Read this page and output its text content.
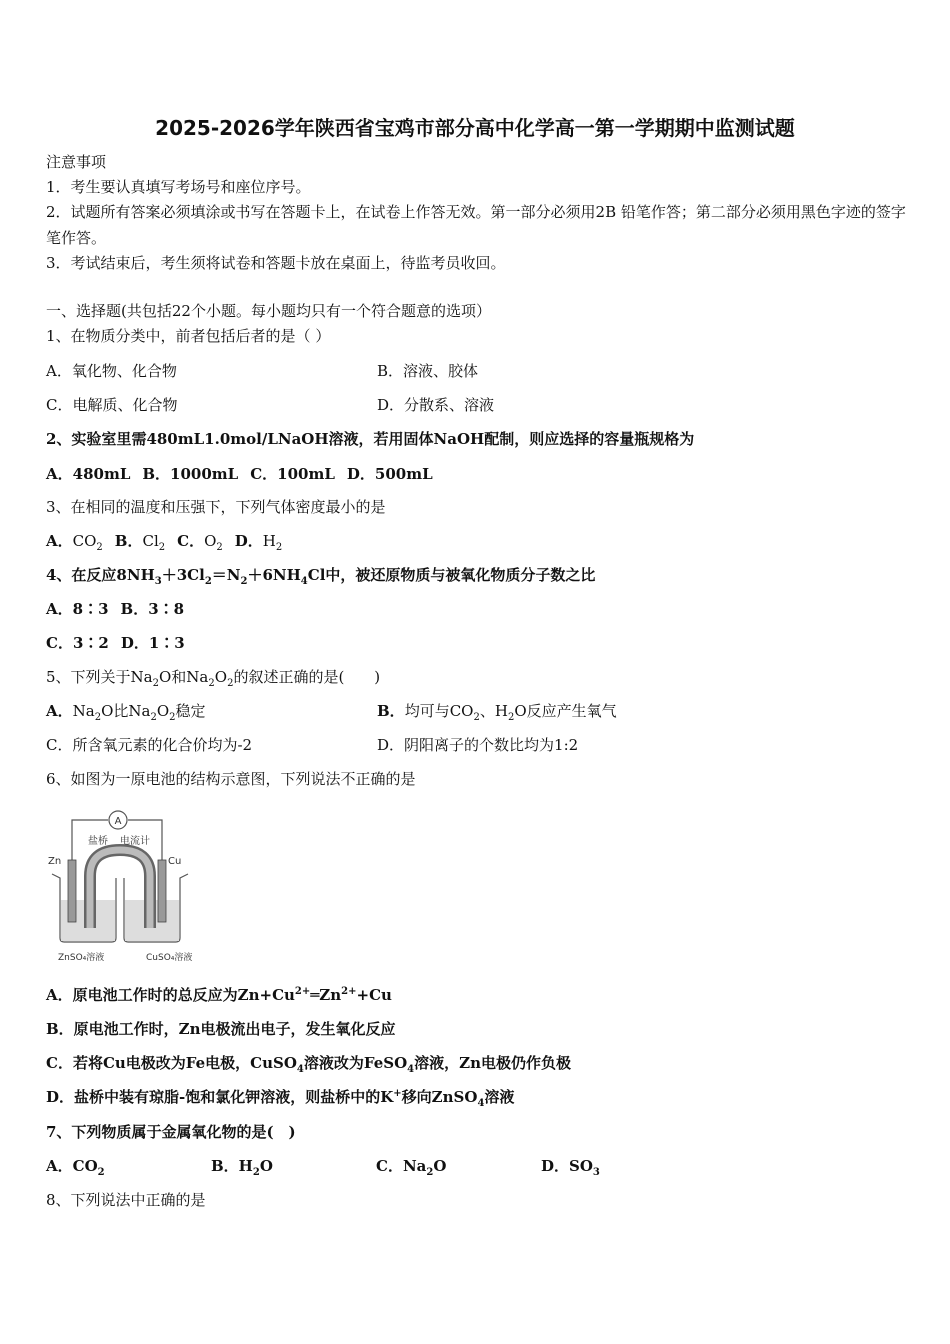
2025-2026学年陕西省宝鸡市部分高中化学高一第一学期期中监测试题
注意事项
1．考生要认真填写考场号和座位序号。
2．试题所有答案必须填涂或书写在答题卡上，在试卷上作答无效。第一部分必须用2B 铅笔作答；第二部分必须用黑色字迹的签字笔作答。
3．考试结束后，考生须将试卷和答题卡放在桌面上，待监考员收回。
一、选择题(共包括22个小题。每小题均只有一个符合题意的选项）
1、在物质分类中，前者包括后者的是（ ）
A．氧化物、化合物	B．溶液、胶体
C．电解质、化合物	D．分散系、溶液
2、实验室里需480mL1.0mol/LNaOH溶液，若用固体NaOH配制，则应选择的容量瓶规格为
A．480mL B．1000mL C．100mL D．500mL
3、在相同的温度和压强下，下列气体密度最小的是
A．$CO_2$ B．$Cl_2$ C．$O_2$ D．$H_2$
4、在反应$8NH_3+3Cl_2=N_2+6NH_4Cl$中，被还原物质与被氧化物质分子数之比
A．8∶3 B．3∶8
C．3∶2 D．1∶3
5、下列关于$Na_2O$和$Na_2O_2$的叙述正确的是(　　)
A．$Na_2O$比$Na_2O_2$稳定	B．均可与$CO_2$、$H_2O$反应产生氧气
C．所含氧元素的化合价均为-2	D．阴阳离子的个数比均为1:2
6、如图为一原电池的结构示意图，下列说法不正确的是
A
盐桥 电流计
Zn	Cu
ZnSO₄溶液	CuSO₄溶液
A．原电池工作时的总反应为$Zn+Cu^{2+}═Zn^{2+}+Cu$
B．原电池工作时，Zn电极流出电子，发生氧化反应
C．若将Cu电极改为Fe电极，CuSO$_4$溶液改为FeSO$_4$溶液，Zn电极仍作负极
D．盐桥中装有琼脂-饱和氯化钾溶液，则盐桥中的K+移向ZnSO$_4$溶液
7、下列物质属于金属氧化物的是(　)
A．$CO_2$	B．$H_2O$	C．$Na_2O$	D．$SO_3$
8、下列说法中正确的是
